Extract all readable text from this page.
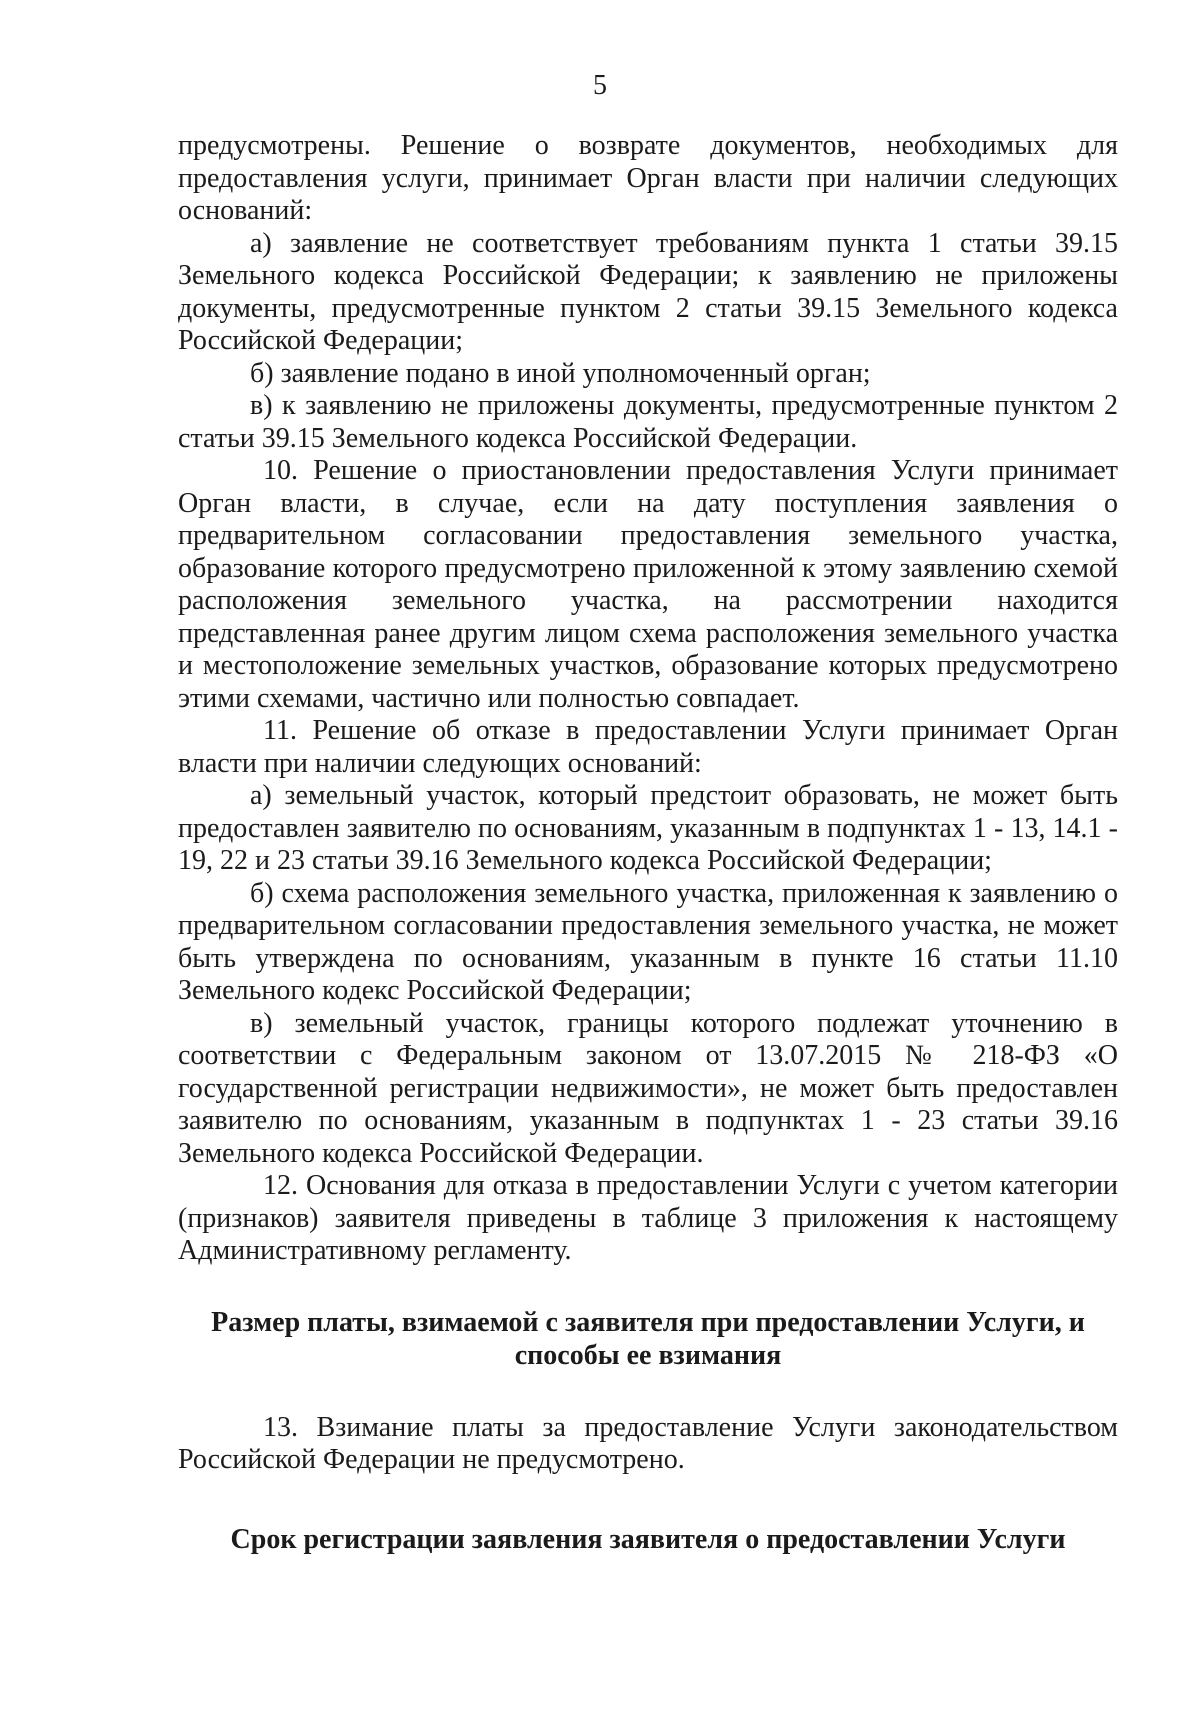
5

предусмотрены. Решение о возврате документов, необходимых для предоставления услуги, принимает Орган власти при наличии следующих оснований:

а) заявление не соответствует требованиям пункта 1 статьи 39.15 Земельного кодекса Российской Федерации; к заявлению не приложены документы, предусмотренные пунктом 2 статьи 39.15 Земельного кодекса Российской Федерации;

б) заявление подано в иной уполномоченный орган;

в) к заявлению не приложены документы, предусмотренные пунктом 2 статьи 39.15 Земельного кодекса Российской Федерации.

10. Решение о приостановлении предоставления Услуги принимает Орган власти, в случае, если на дату поступления заявления о предварительном согласовании предоставления земельного участка, образование которого предусмотрено приложенной к этому заявлению схемой расположения земельного участка, на рассмотрении находится представленная ранее другим лицом схема расположения земельного участка и местоположение земельных участков, образование которых предусмотрено этими схемами, частично или полностью совпадает.

11. Решение об отказе в предоставлении Услуги принимает Орган власти при наличии следующих оснований:

а) земельный участок, который предстоит образовать, не может быть предоставлен заявителю по основаниям, указанным в подпунктах 1 - 13, 14.1 - 19, 22 и 23 статьи 39.16 Земельного кодекса Российской Федерации;

б) схема расположения земельного участка, приложенная к заявлению о предварительном согласовании предоставления земельного участка, не может быть утверждена по основаниям, указанным в пункте 16 статьи 11.10 Земельного кодекс Российской Федерации;

в) земельный участок, границы которого подлежат уточнению в соответствии с Федеральным законом от 13.07.2015 № 218-ФЗ «О государственной регистрации недвижимости», не может быть предоставлен заявителю по основаниям, указанным в подпунктах 1 - 23 статьи 39.16 Земельного кодекса Российской Федерации.

12. Основания для отказа в предоставлении Услуги с учетом категории (признаков) заявителя приведены в таблице 3 приложения к настоящему Административному регламенту.

Размер платы, взимаемой с заявителя при предоставлении Услуги, и способы ее взимания

13. Взимание платы за предоставление Услуги законодательством Российской Федерации не предусмотрено.

Срок регистрации заявления заявителя о предоставлении Услуги
